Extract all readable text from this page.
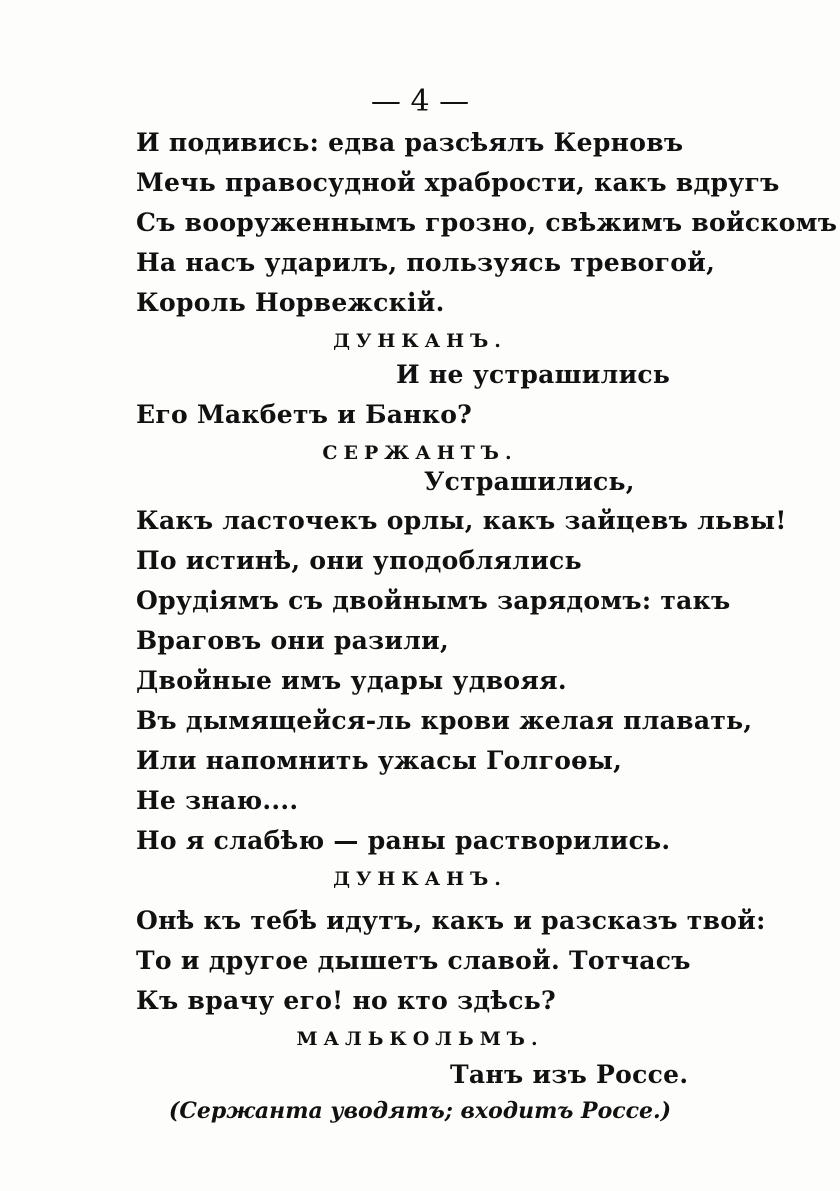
— 4 —

И подивись: едва разсѣялъ Керновъ

Мечь правосудной храбрости, какъ вдругъ

Съ вооруженнымъ грозно, свѣжимъ войскомъ

На насъ ударилъ, пользуясь тревогой,

Король Норвежскій.

ДУНКАНЪ.

И не устрашились

Его Макбетъ и Банко?

СЕРЖАНТЪ.

Устрашились,

Какъ ласточекъ орлы, какъ зайцевъ львы!

По истинѣ, они уподоблялись

Орудіямъ съ двойнымъ зарядомъ: такъ

Враговъ они разили,

Двойные имъ удары удвояя.

Въ дымящейся-ль крови желая плавать,

Или напомнить ужасы Голгоѳы,

Не знаю....

Но я слабѣю — раны растворились.

ДУНКАНЪ.

Онѣ къ тебѣ идутъ, какъ и разсказъ твой:

То и другое дышетъ славой. Тотчасъ

Къ врачу его! но кто здѣсь?

МАЛЬКОЛЬМЪ.

Танъ изъ Россе.

(Сержанта уводятъ; входитъ Россе.)
